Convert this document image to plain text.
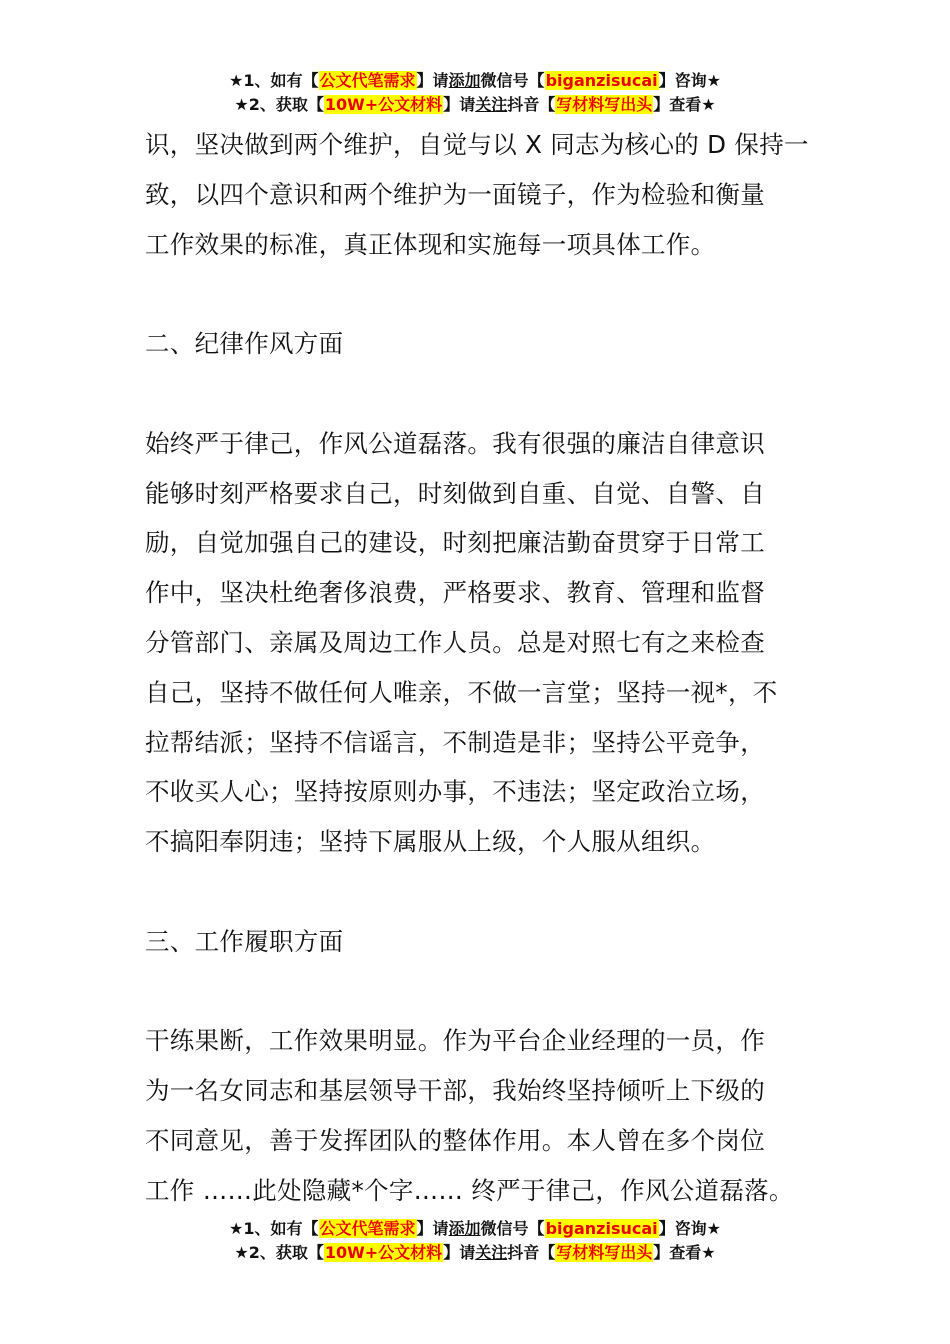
★1、如有【公文代笔需求】请添加微信号【biganzisucai】咨询★
★2、获取【10W+公文材料】请关注抖音【写材料写出头】查看★

识，坚决做到两个维护，自觉与以 X 同志为核心的 D 保持一
致，以四个意识和两个维护为一面镜子，作为检验和衡量
工作效果的标准，真正体现和实施每一项具体工作。

二、纪律作风方面

始终严于律己，作风公道磊落。我有很强的廉洁自律意识
能够时刻严格要求自己，时刻做到自重、自觉、自警、自
励，自觉加强自己的建设，时刻把廉洁勤奋贯穿于日常工
作中，坚决杜绝奢侈浪费，严格要求、教育、管理和监督
分管部门、亲属及周边工作人员。总是对照七有之来检查
自己，坚持不做任何人唯亲，不做一言堂；坚持一视*，不
拉帮结派；坚持不信谣言，不制造是非；坚持公平竞争，
不收买人心；坚持按原则办事，不违法；坚定政治立场，
不搞阳奉阴违；坚持下属服从上级，个人服从组织。

三、工作履职方面

干练果断，工作效果明显。作为平台企业经理的一员，作
为一名女同志和基层领导干部，我始终坚持倾听上下级的
不同意见，善于发挥团队的整体作用。本人曾在多个岗位
工作 ……此处隐藏*个字…… 终严于律己，作风公道磊落。

★1、如有【公文代笔需求】请添加微信号【biganzisucai】咨询★
★2、获取【10W+公文材料】请关注抖音【写材料写出头】查看★
